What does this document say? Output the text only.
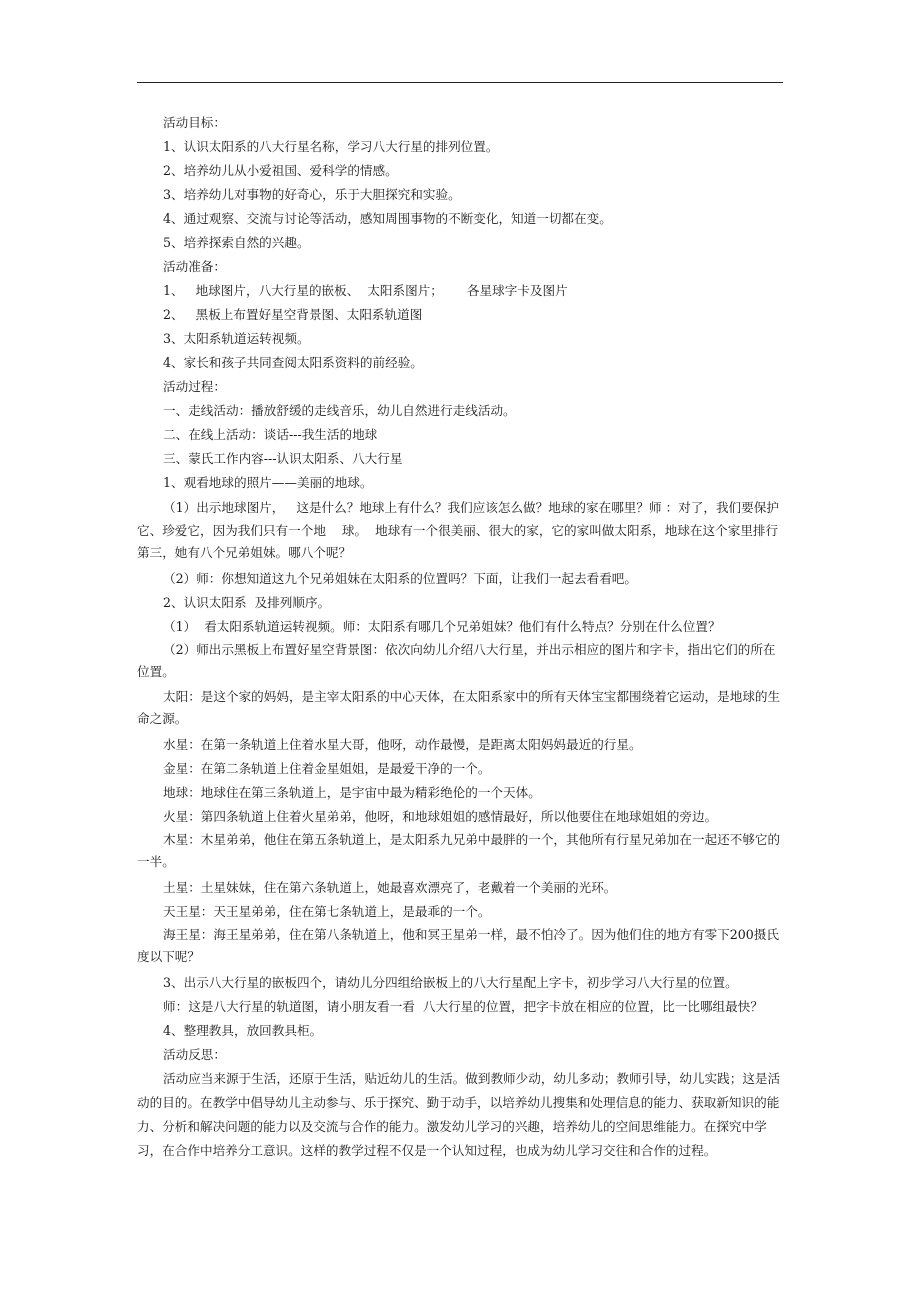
活动目标：

1、认识太阳系的八大行星名称，学习八大行星的排列位置。

2、培养幼儿从小爱祖国、爱科学的情感。

3、培养幼儿对事物的好奇心，乐于大胆探究和实验。

4、通过观察、交流与讨论等活动，感知周围事物的不断变化，知道一切都在变。

5、培养探索自然的兴趣。

活动准备：

1、   地球图片，八大行星的嵌板、  太阳系图片；      各星球字卡及图片

2、   黑板上布置好星空背景图、太阳系轨道图

3、太阳系轨道运转视频。

4、家长和孩子共同查阅太阳系资料的前经验。

活动过程：

一、走线活动：播放舒缓的走线音乐，幼儿自然进行走线活动。

二、在线上活动：谈话---我生活的地球

三、蒙氏工作内容---认识太阳系、八大行星

1、观看地球的照片——美丽的地球。

（1）出示地球图片，   这是什么？地球上有什么？我们应该怎么做？地球的家在哪里？师 ：对了，我们要保护它、珍爱它，因为我们只有一个地    球。  地球有一个很美丽、很大的家，它的家叫做太阳系，地球在这个家里排行第三，她有八个兄弟姐妹。哪八个呢？

（2）师：你想知道这九个兄弟姐妹在太阳系的位置吗？下面，让我们一起去看看吧。

2、认识太阳系  及排列顺序。

（1）  看太阳系轨道运转视频。师：太阳系有哪几个兄弟姐妹？他们有什么特点？分别在什么位置？

（2）师出示黑板上布置好星空背景图：依次向幼儿介绍八大行星，并出示相应的图片和字卡，指出它们的所在位置。

太阳：是这个家的妈妈，是主宰太阳系的中心天体，在太阳系家中的所有天体宝宝都围绕着它运动，是地球的生命之源。

水星：在第一条轨道上住着水星大哥，他呀，动作最慢，是距离太阳妈妈最近的行星。

金星：在第二条轨道上住着金星姐姐，是最爱干净的一个。

地球：地球住在第三条轨道上，是宇宙中最为精彩绝伦的一个天体。

火星：第四条轨道上住着火星弟弟，他呀，和地球姐姐的感情最好，所以他要住在地球姐姐的旁边。

木星：木星弟弟，他住在第五条轨道上，是太阳系九兄弟中最胖的一个，其他所有行星兄弟加在一起还不够它的一半。

土星：土星妹妹，住在第六条轨道上，她最喜欢漂亮了，老戴着一个美丽的光环。

天王星：天王星弟弟，住在第七条轨道上，是最乖的一个。

海王星：海王星弟弟，住在第八条轨道上，他和冥王星弟一样，最不怕冷了。因为他们住的地方有零下200摄氏度以下呢？

3、出示八大行星的嵌板四个，请幼儿分四组给嵌板上的八大行星配上字卡，初步学习八大行星的位置。

师：这是八大行星的轨道图，请小朋友看一看  八大行星的位置，把字卡放在相应的位置，比一比哪组最快？

4、整理教具，放回教具柜。

活动反思：

活动应当来源于生活，还原于生活，贴近幼儿的生活。做到教师少动，幼儿多动；教师引导，幼儿实践；这是活动的目的。在教学中倡导幼儿主动参与、乐于探究、勤于动手，以培养幼儿搜集和处理信息的能力、获取新知识的能力、分析和解决问题的能力以及交流与合作的能力。激发幼儿学习的兴趣，培养幼儿的空间思维能力。在探究中学习，在合作中培养分工意识。这样的教学过程不仅是一个认知过程，也成为幼儿学习交往和合作的过程。
